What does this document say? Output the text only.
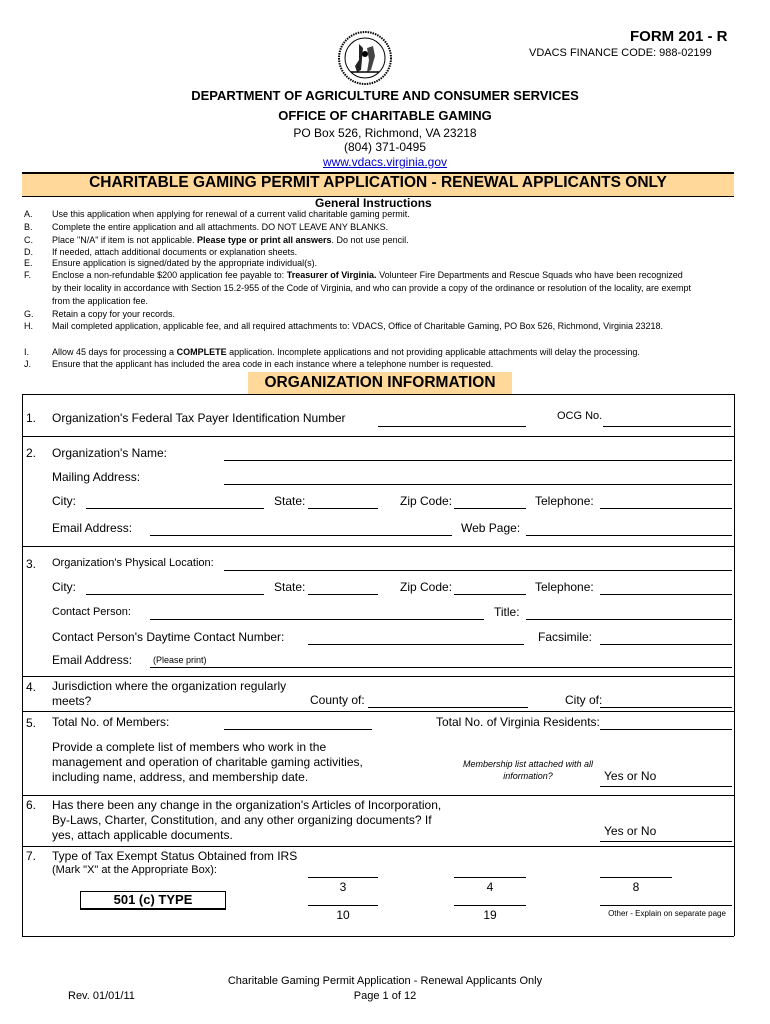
FORM 201 - R
VDACS FINANCE CODE: 988-02199
DEPARTMENT OF AGRICULTURE AND CONSUMER SERVICES
OFFICE OF CHARITABLE GAMING
PO Box 526, Richmond, VA 23218
(804) 371-0495
www.vdacs.virginia.gov
CHARITABLE GAMING PERMIT APPLICATION - RENEWAL APPLICANTS ONLY
General Instructions
A. Use this application when applying for renewal of a current valid charitable gaming permit.
B. Complete the entire application and all attachments. DO NOT LEAVE ANY BLANKS.
C. Place "N/A" if item is not applicable. Please type or print all answers. Do not use pencil.
D. If needed, attach additional documents or explanation sheets.
E. Ensure application is signed/dated by the appropriate individual(s).
F. Enclose a non-refundable $200 application fee payable to: Treasurer of Virginia. Volunteer Fire Departments and Rescue Squads who have been recognized
by their locality in accordance with Section 15.2-955 of the Code of Virginia, and who can provide a copy of the ordinance or resolution of the locality, are exempt
from the application fee.
G. Retain a copy for your records.
H. Mail completed application, applicable fee, and all required attachments to: VDACS, Office of Charitable Gaming, PO Box 526, Richmond, Virginia 23218.
I.	Allow 45 days for processing a COMPLETE application. Incomplete applications and not providing applicable attachments will delay the processing.
J. Ensure that the applicant has included the area code in each instance where a telephone number is requested.
ORGANIZATION INFORMATION
1. Organization's Federal Tax Payer Identification Number	OCG No.
2. Organization's Name:
Mailing Address:
City:	State:	Zip Code:	Telephone:
Email Address:	Web Page:
3. Organization's Physical Location:
City:	State:	Zip Code:	Telephone:
Contact Person:	Title:
Contact Person's Daytime Contact Number:	Facsimile:
Email Address: (Please print)
4. Jurisdiction where the organization regularly
meets?	County of:	City of:
5. Total No. of Members:	Total No. of Virginia Residents:
Provide a complete list of members who work in the
management and operation of charitable gaming activities,
including name, address, and membership date.
Membership list attached with all
information?	Yes or No
6. Has there been any change in the organization's Articles of Incorporation,
By-Laws, Charter, Constitution, and any other organizing documents? If
yes, attach applicable documents.	Yes or No
7. Type of Tax Exempt Status Obtained from IRS
(Mark "X" at the Appropriate Box):
501 (c) TYPE
3	4	8
10	19	Other - Explain on separate page
Rev. 01/01/11
Charitable Gaming Permit Application - Renewal Applicants Only
Page 1 of 12
